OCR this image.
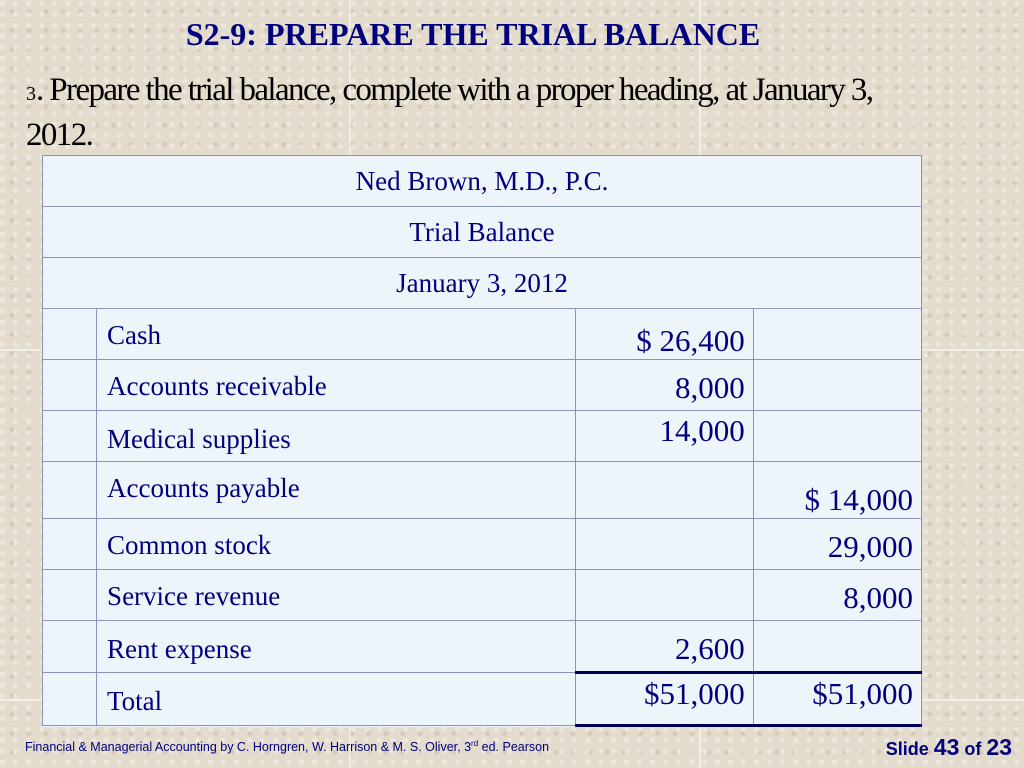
S2-9: PREPARE THE TRIAL BALANCE

3. Prepare the trial balance, complete with a proper heading, at January 3, 2012.

Ned Brown, M.D., P.C.			
Trial Balance			
January 3, 2012			

	Cash	$ 26,400	

	Accounts receivable	8,000	

	Medical supplies	14,000	

	Accounts payable		$ 14,000

	Common stock		29,000

	Service revenue		8,000

	Rent expense	2,600	

	Total	$51,000	$51,000

Financial & Managerial Accounting by C. Horngren, W. Harrison & M. S. Oliver, 3rd ed. Pearson	Slide 43 of 23
